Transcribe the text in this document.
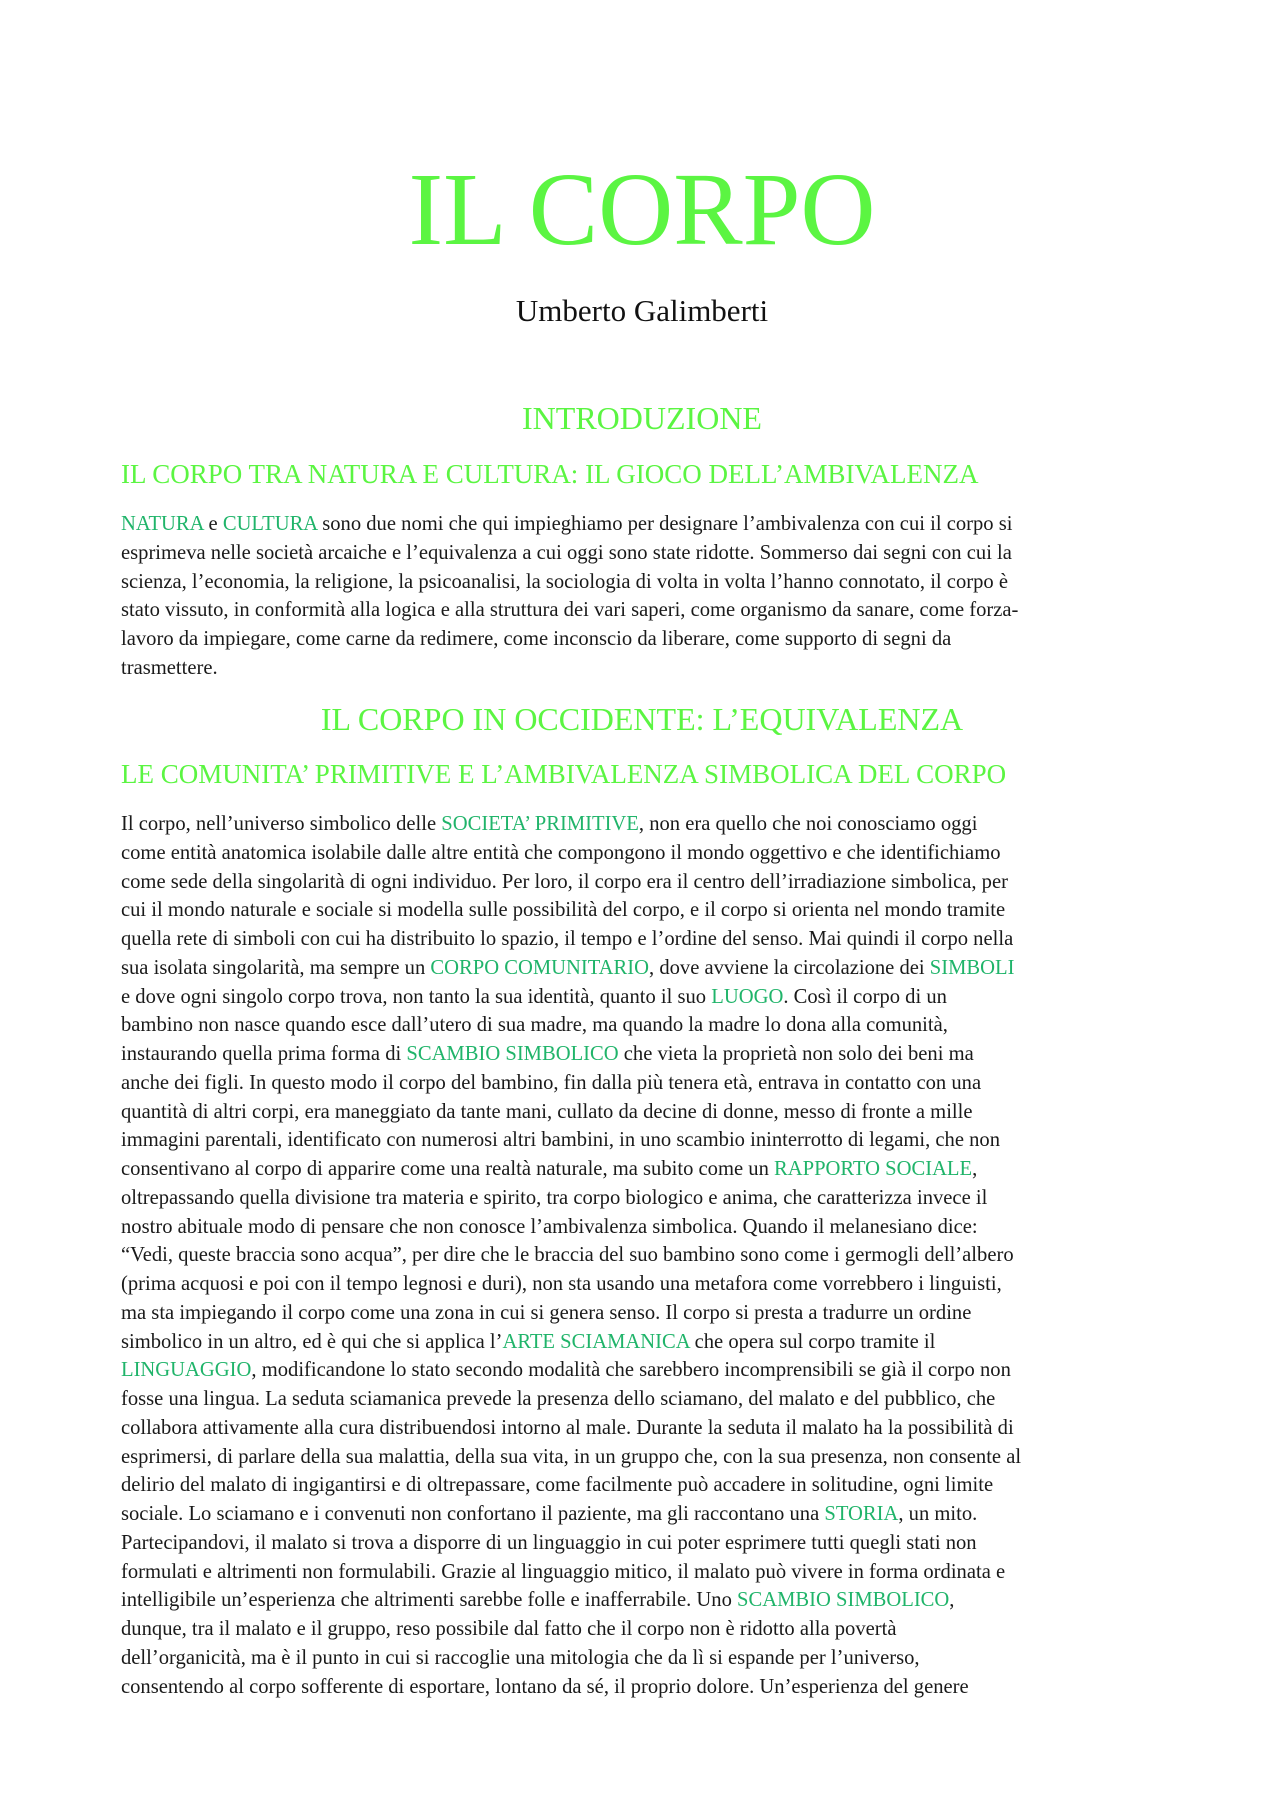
IL CORPO
Umberto Galimberti
INTRODUZIONE
IL CORPO TRA NATURA E CULTURA: IL GIOCO DELL’AMBIVALENZA
NATURA e CULTURA sono due nomi che qui impieghiamo per designare l’ambivalenza con cui il corpo si
esprimeva nelle società arcaiche e l’equivalenza a cui oggi sono state ridotte. Sommerso dai segni con cui la
scienza, l’economia, la religione, la psicoanalisi, la sociologia di volta in volta l’hanno connotato, il corpo è
stato vissuto, in conformità alla logica e alla struttura dei vari saperi, come organismo da sanare, come forza-
lavoro da impiegare, come carne da redimere, come inconscio da liberare, come supporto di segni da
trasmettere.
IL CORPO IN OCCIDENTE: L’EQUIVALENZA
LE COMUNITA’ PRIMITIVE E L’AMBIVALENZA SIMBOLICA DEL CORPO
Il corpo, nell’universo simbolico delle SOCIETA’ PRIMITIVE, non era quello che noi conosciamo oggi
come entità anatomica isolabile dalle altre entità che compongono il mondo oggettivo e che identifichiamo
come sede della singolarità di ogni individuo. Per loro, il corpo era il centro dell’irradiazione simbolica, per
cui il mondo naturale e sociale si modella sulle possibilità del corpo, e il corpo si orienta nel mondo tramite
quella rete di simboli con cui ha distribuito lo spazio, il tempo e l’ordine del senso. Mai quindi il corpo nella
sua isolata singolarità, ma sempre un CORPO COMUNITARIO, dove avviene la circolazione dei SIMBOLI
e dove ogni singolo corpo trova, non tanto la sua identità, quanto il suo LUOGO. Così il corpo di un
bambino non nasce quando esce dall’utero di sua madre, ma quando la madre lo dona alla comunità,
instaurando quella prima forma di SCAMBIO SIMBOLICO che vieta la proprietà non solo dei beni ma
anche dei figli. In questo modo il corpo del bambino, fin dalla più tenera età, entrava in contatto con una
quantità di altri corpi, era maneggiato da tante mani, cullato da decine di donne, messo di fronte a mille
immagini parentali, identificato con numerosi altri bambini, in uno scambio ininterrotto di legami, che non
consentivano al corpo di apparire come una realtà naturale, ma subito come un RAPPORTO SOCIALE,
oltrepassando quella divisione tra materia e spirito, tra corpo biologico e anima, che caratterizza invece il
nostro abituale modo di pensare che non conosce l’ambivalenza simbolica. Quando il melanesiano dice:
“Vedi, queste braccia sono acqua”, per dire che le braccia del suo bambino sono come i germogli dell’albero
(prima acquosi e poi con il tempo legnosi e duri), non sta usando una metafora come vorrebbero i linguisti,
ma sta impiegando il corpo come una zona in cui si genera senso. Il corpo si presta a tradurre un ordine
simbolico in un altro, ed è qui che si applica l’ARTE SCIAMANICA che opera sul corpo tramite il
LINGUAGGIO, modificandone lo stato secondo modalità che sarebbero incomprensibili se già il corpo non
fosse una lingua. La seduta sciamanica prevede la presenza dello sciamano, del malato e del pubblico, che
collabora attivamente alla cura distribuendosi intorno al male. Durante la seduta il malato ha la possibilità di
esprimersi, di parlare della sua malattia, della sua vita, in un gruppo che, con la sua presenza, non consente al
delirio del malato di ingigantirsi e di oltrepassare, come facilmente può accadere in solitudine, ogni limite
sociale. Lo sciamano e i convenuti non confortano il paziente, ma gli raccontano una STORIA, un mito.
Partecipandovi, il malato si trova a disporre di un linguaggio in cui poter esprimere tutti quegli stati non
formulati e altrimenti non formulabili. Grazie al linguaggio mitico, il malato può vivere in forma ordinata e
intelligibile un’esperienza che altrimenti sarebbe folle e inafferrabile. Uno SCAMBIO SIMBOLICO,
dunque, tra il malato e il gruppo, reso possibile dal fatto che il corpo non è ridotto alla povertà
dell’organicità, ma è il punto in cui si raccoglie una mitologia che da lì si espande per l’universo,
consentendo al corpo sofferente di esportare, lontano da sé, il proprio dolore. Un’esperienza del genere
